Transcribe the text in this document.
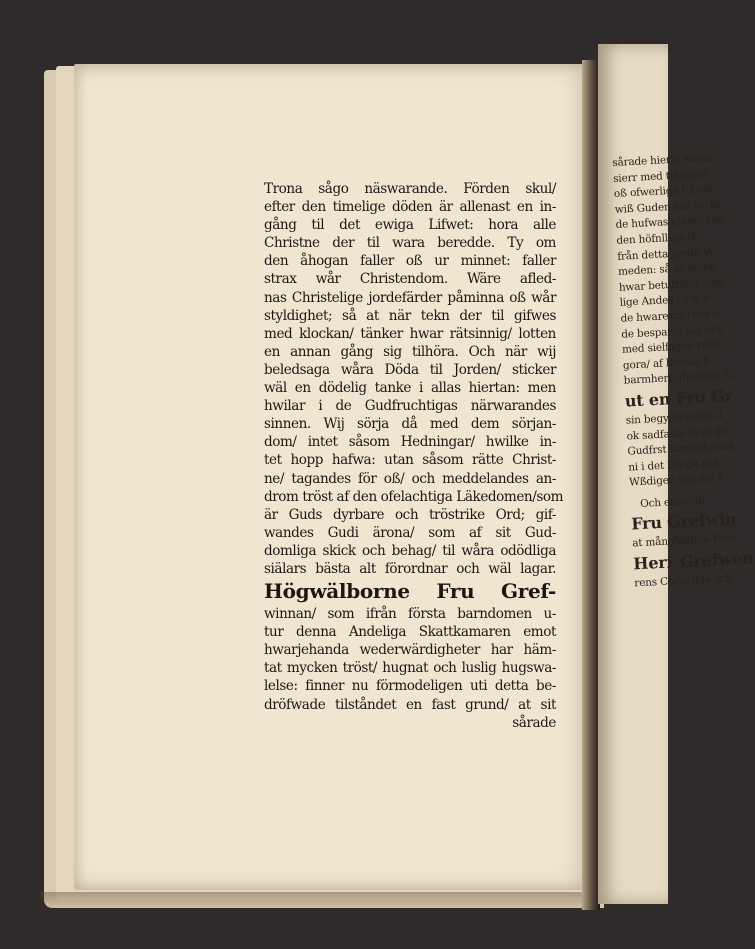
Trona sågo näswarande. Förden skul/
efter den timelige döden är allenast en in-
gång til det ewiga Lifwet: hora alle
Christne der til wara beredde. Ty om
den åhogan faller oß ur minnet: faller
strax wår Christendom. Wäre afled-
nas Christelige jordefärder påminna oß wår
styldighet; så at när tekn der til gifwes
med klockan/ tänker hwar rätsinnig/ lotten
en annan gång sig tilhöra. Och när wij
beledsaga wåra Döda til Jorden/ sticker
wäl en dödelig tanke i allas hiertan: men
hwilar i de Gudfruchtigas närwarandes
sinnen. Wij sörja då med dem sörjan-
dom/ intet såsom Hedningar/ hwilke in-
tet hopp hafwa: utan såsom rätte Christ-
ne/ tagandes för oß/ och meddelandes an-
drom tröst af den ofelachtiga Läkedomen/som
är Guds dyrbare och tröstrike Ord; gif-
wandes Gudi ärona/ som af sit Gud-
domliga skick och behag/ til wåra odödliga
siälars bästa alt förordnar och wäl lagar.
Högwälborne Fru Gref-
winnan/ som ifrån första barndomen u-
tur denna Andeliga Skattkamaren emot
hwarjehanda wederwärdigheter har häm-
tat mycken tröst/ hugnat och luslig hugswa-
lelse: finner nu förmodeligen uti detta be-
dröfwade tilståndet en fast grund/ at sit
sårade
sårade hierta sörde
sierr med tolamod
oß ofwerliga Christ
wiß Guden har tackt
de hufwas ehtenskap
den höfnlliga H
från detta jämte W
meden: så at ingen
hwar betutratia som
lige Andes Ord/ h
de hwaresta reda o
de besparar jag ock
med sielfagen tröst
gora/ af hiertat b
barmhertigheterns G
ut en Fru Gr
sin begynt/ wiste d
ok sadfasta in til de
Gudfrst samankomst
ni i det Ewiga och
Wßdigen warder f
Och emedan
Fru Grefwin
at mångfaldiga Pred
Herr Grefwen
rens Christliga och
